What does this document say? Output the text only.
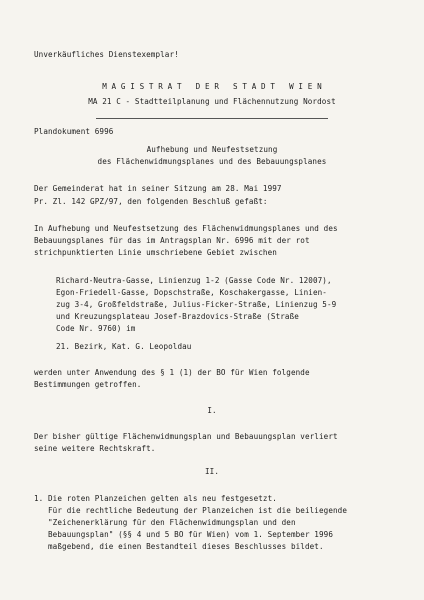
Unverkäufliches Dienstexemplar!
M A G I S T R A T   D E R   S T A D T   W I E N
MA 21 C - Stadtteilplanung und Flächennutzung Nordost
Plandokument 6996
Aufhebung und Neufestsetzung
des Flächenwidmungsplanes und des Bebauungsplanes
Der Gemeinderat hat in seiner Sitzung am 28. Mai 1997
Pr. Zl. 142 GPZ/97, den folgenden Beschluß gefaßt:
In Aufhebung und Neufestsetzung des Flächenwidmungsplanes und des
Bebauungsplanes für das im Antragsplan Nr. 6996 mit der rot
strichpunktierten Linie umschriebene Gebiet zwischen
Richard-Neutra-Gasse, Linienzug 1-2 (Gasse Code Nr. 12007),
Egon-Friedell-Gasse, Dopschstraße, Koschakergasse, Linien-
zug 3-4, Großfeldstraße, Julius-Ficker-Straße, Linienzug 5-9
und Kreuzungsplateau Josef-Brazdovics-Straße (Straße
Code Nr. 9760) im
21. Bezirk, Kat. G. Leopoldau
werden unter Anwendung des § 1 (1) der BO für Wien folgende
Bestimmungen getroffen.
I.
Der bisher gültige Flächenwidmungsplan und Bebauungsplan verliert
seine weitere Rechtskraft.
II.
1. Die roten Planzeichen gelten als neu festgesetzt.
Für die rechtliche Bedeutung der Planzeichen ist die beiliegende
"Zeichenerklärung für den Flächenwidmungsplan und den
Bebauungsplan" (§§ 4 und 5 BO für Wien) vom 1. September 1996
maßgebend, die einen Bestandteil dieses Beschlusses bildet.
